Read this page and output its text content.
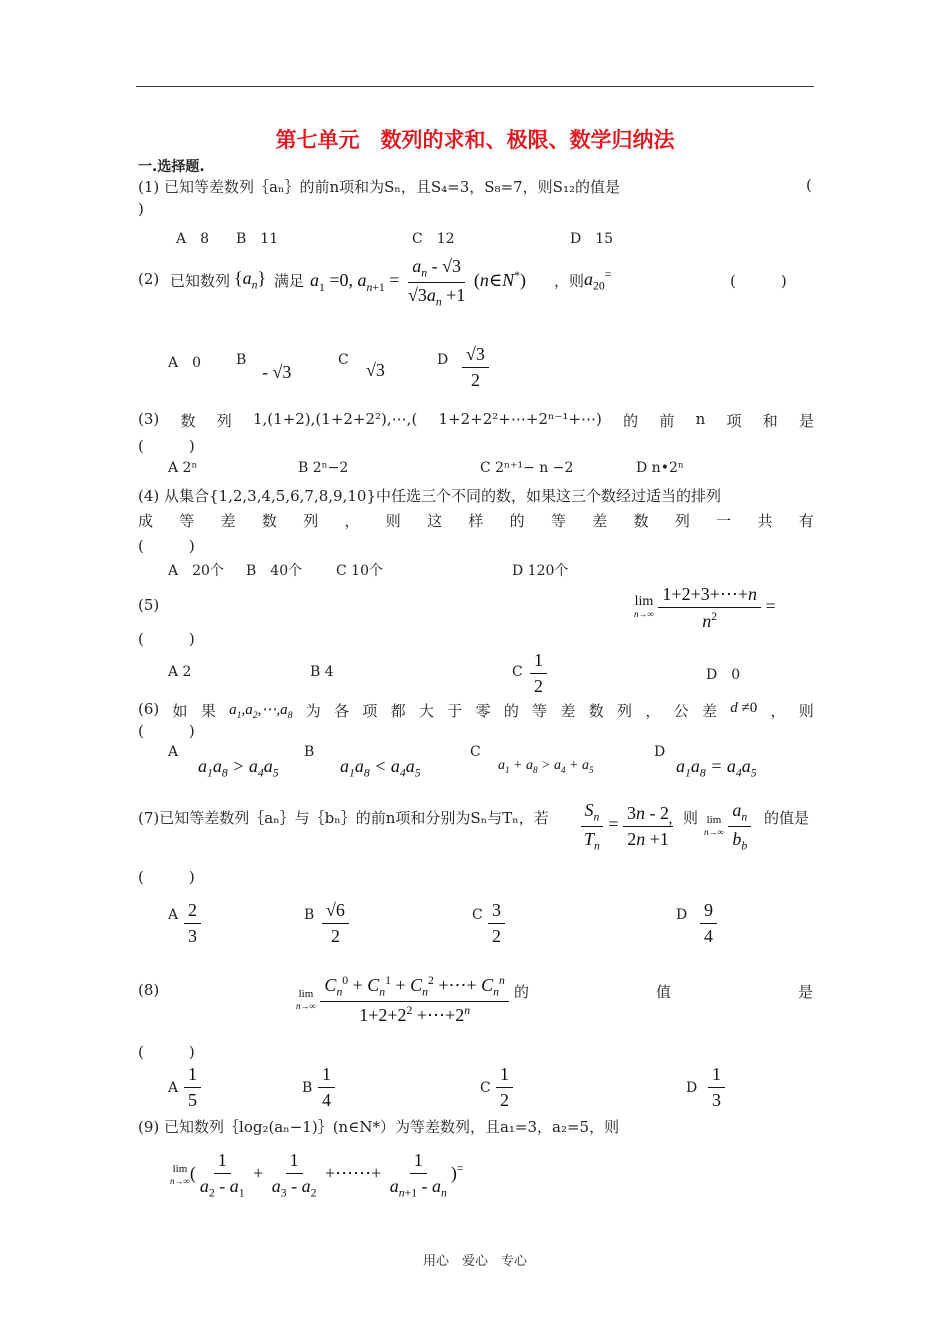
第七单元　数列的求和、极限、数学归纳法
一.选择题.
(1) 已知等差数列｛aₙ｝的前n项和为Sₙ，且S₄=3，S₈=7，则S₁₂的值是	(
)
A　8 B　11	C　12	D　15
(2) 已知数列 $\{a_n\}$ 满足 $a_1 =0$, $a_{n+1} = \frac{a_n - √3}{√3a_n +1}$ (n∈N*) ，则 $a_{20}^=$	(　　　)
A　0 B
- √3
C √3	D $\frac{√3}{2}$
(3) 数 列 1,(1+2),(1+2+2²),⋯,( 1+2+2²+⋯+2ⁿ⁻¹+⋯) 的 前 n 项 和 是
(　　　)
A 2ⁿ	B 2ⁿ−2	C 2ⁿ⁺¹− n −2	D n•2ⁿ
(4) 从集合{1,2,3,4,5,6,7,8,9,10}中任选三个不同的数，如果这三个数经过适当的排列
成 等 差 数 列 ， 则 这 样 的 等 差 数 列 一 共 有
(　　　)
A　20个 B　40个 C 10个	D 120个
(5)	lim
n→∞
$\frac{1+2+3+\cdots+n}{n^2}$ =
(　　　)
A 2	B 4	C $\frac{1}{2}$	D　0
(6) 如 果 $a_1,a_2,\cdots,a_8$ 为 各 项 都 大 于 零 的 等 差 数 列 ， 公 差 d ≠0 ， 则
(　　　)
A
$a_1a_8 > a_4a_5$
B
$a_1a_8 < a_4a_5$
C
$a_1 + a_8 > a_4 + a_5$
D
$a_1a_8 = a_4a_5$
(7)已知等差数列｛aₙ｝与｛bₙ｝的前n项和分别为Sₙ与Tₙ，若 $\frac{S_n}{T_n} = \frac{3n - 2}{2n +1}$
，则 lim
n→∞
$\frac{a_n}{b_b}$ 的值是
(　　　)
A $\frac{2}{3}$	B $\frac{√6}{2}$	C $\frac{3}{2}$	D $\frac{9}{4}$
(8)	lim
n→∞
$\frac{C_n^0 + C_n^1 + C_n^2 +\cdots+ C_n^n}{1+2+2^2 +\cdots+2^n}$ 的	值	是
(　　　)
A $\frac{1}{5}$	B $\frac{1}{4}$	C $\frac{1}{2}$	D $\frac{1}{3}$
(9) 已知数列｛log₂(aₙ−1)｝(n∈N*）为等差数列，且a₁=3，a₂=5，则
lim
n→∞ ( $\frac{1}{a_2 - a_1} + \frac{1}{a_3 - a_2}$ +⋯⋯+ $\frac{1}{a_{n+1} - a_n} )^=$
用心　爱心　专心
